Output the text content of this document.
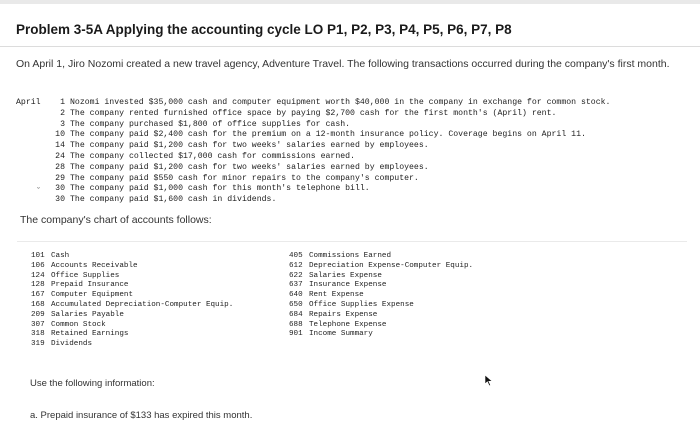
Problem 3-5A Applying the accounting cycle LO P1, P2, P3, P4, P5, P6, P7, P8
On April 1, Jiro Nozomi created a new travel agency, Adventure Travel. The following transactions occurred during the company's first month.
April	1 Nozomi invested $35,000 cash and computer equipment worth $40,000 in the company in exchange for common stock.
2 The company rented furnished office space by paying $2,700 cash for the first month's (April) rent.
3 The company purchased $1,800 of office supplies for cash.
10 The company paid $2,400 cash for the premium on a 12-month insurance policy. Coverage begins on April 11.
14 The company paid $1,200 cash for two weeks' salaries earned by employees.
24 The company collected $17,000 cash for commissions earned.
28 The company paid $1,200 cash for two weeks' salaries earned by employees.
29 The company paid $550 cash for minor repairs to the company's computer.
30 The company paid $1,000 cash for this month's telephone bill.
30 The company paid $1,600 cash in dividends.
ˇ
The company's chart of accounts follows:
101 Cash
106 Accounts Receivable
124 Office Supplies
128 Prepaid Insurance
167 Computer Equipment
168 Accumulated Depreciation-Computer Equip.
209 Salaries Payable
307 Common Stock
318 Retained Earnings
319 Dividends
405 Commissions Earned
612 Depreciation Expense-Computer Equip.
622 Salaries Expense
637 Insurance Expense
640 Rent Expense
650 Office Supplies Expense
684 Repairs Expense
688 Telephone Expense
901 Income Summary
Use the following information:
a. Prepaid insurance of $133 has expired this month.
